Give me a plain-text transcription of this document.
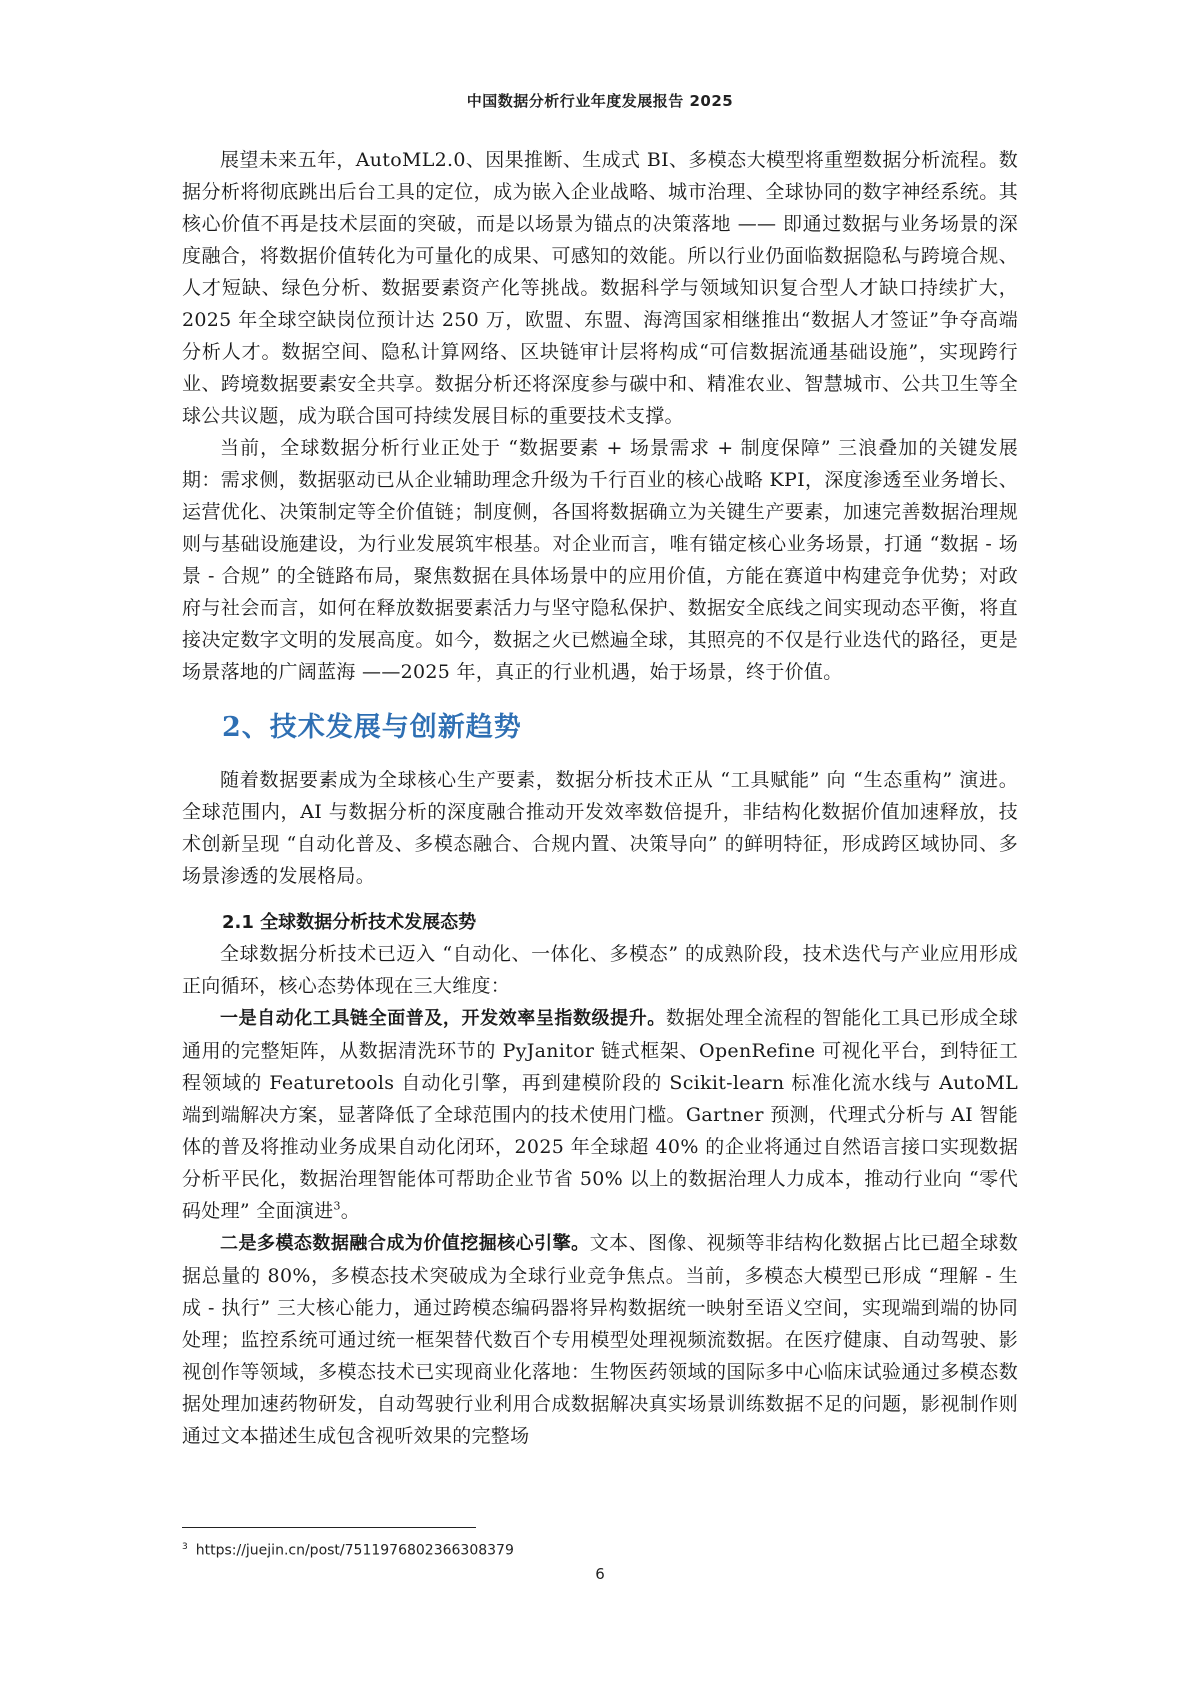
中国数据分析行业年度发展报告 2025

展望未来五年，AutoML2.0、因果推断、生成式 BI、多模态大模型将重塑数据分析流程。数据分析将彻底跳出后台工具的定位，成为嵌入企业战略、城市治理、全球协同的数字神经系统。其核心价值不再是技术层面的突破，而是以场景为锚点的决策落地 —— 即通过数据与业务场景的深度融合，将数据价值转化为可量化的成果、可感知的效能。所以行业仍面临数据隐私与跨境合规、人才短缺、绿色分析、数据要素资产化等挑战。数据科学与领域知识复合型人才缺口持续扩大，2025 年全球空缺岗位预计达 250 万，欧盟、东盟、海湾国家相继推出“数据人才签证”争夺高端分析人才。数据空间、隐私计算网络、区块链审计层将构成“可信数据流通基础设施”，实现跨行业、跨境数据要素安全共享。数据分析还将深度参与碳中和、精准农业、智慧城市、公共卫生等全球公共议题，成为联合国可持续发展目标的重要技术支撑。

当前，全球数据分析行业正处于 “数据要素 + 场景需求 + 制度保障” 三浪叠加的关键发展期：需求侧，数据驱动已从企业辅助理念升级为千行百业的核心战略 KPI，深度渗透至业务增长、运营优化、决策制定等全价值链；制度侧，各国将数据确立为关键生产要素，加速完善数据治理规则与基础设施建设，为行业发展筑牢根基。对企业而言，唯有锚定核心业务场景，打通 “数据 - 场景 - 合规” 的全链路布局，聚焦数据在具体场景中的应用价值，方能在赛道中构建竞争优势；对政府与社会而言，如何在释放数据要素活力与坚守隐私保护、数据安全底线之间实现动态平衡，将直接决定数字文明的发展高度。如今，数据之火已燃遍全球，其照亮的不仅是行业迭代的路径，更是场景落地的广阔蓝海 ——2025 年，真正的行业机遇，始于场景，终于价值。

2、技术发展与创新趋势

随着数据要素成为全球核心生产要素，数据分析技术正从 “工具赋能” 向 “生态重构” 演进。全球范围内，AI 与数据分析的深度融合推动开发效率数倍提升，非结构化数据价值加速释放，技术创新呈现 “自动化普及、多模态融合、合规内置、决策导向” 的鲜明特征，形成跨区域协同、多场景渗透的发展格局。

2.1 全球数据分析技术发展态势

全球数据分析技术已迈入 “自动化、一体化、多模态” 的成熟阶段，技术迭代与产业应用形成正向循环，核心态势体现在三大维度：

一是自动化工具链全面普及，开发效率呈指数级提升。数据处理全流程的智能化工具已形成全球通用的完整矩阵，从数据清洗环节的 PyJanitor 链式框架、OpenRefine 可视化平台，到特征工程领域的 Featuretools 自动化引擎，再到建模阶段的 Scikit-learn 标准化流水线与 AutoML 端到端解决方案，显著降低了全球范围内的技术使用门槛。Gartner 预测，代理式分析与 AI 智能体的普及将推动业务成果自动化闭环，2025 年全球超 40% 的企业将通过自然语言接口实现数据分析平民化，数据治理智能体可帮助企业节省 50% 以上的数据治理人力成本，推动行业向 “零代码处理” 全面演进$^3$。

二是多模态数据融合成为价值挖掘核心引擎。文本、图像、视频等非结构化数据占比已超全球数据总量的 80%，多模态技术突破成为全球行业竞争焦点。当前，多模态大模型已形成 “理解 - 生成 - 执行” 三大核心能力，通过跨模态编码器将异构数据统一映射至语义空间，实现端到端的协同处理；监控系统可通过统一框架替代数百个专用模型处理视频流数据。在医疗健康、自动驾驶、影视创作等领域，多模态技术已实现商业化落地：生物医药领域的国际多中心临床试验通过多模态数据处理加速药物研发，自动驾驶行业利用合成数据解决真实场景训练数据不足的问题，影视制作则通过文本描述生成包含视听效果的完整场

$^3$ https://juejin.cn/post/7511976802366308379
6
